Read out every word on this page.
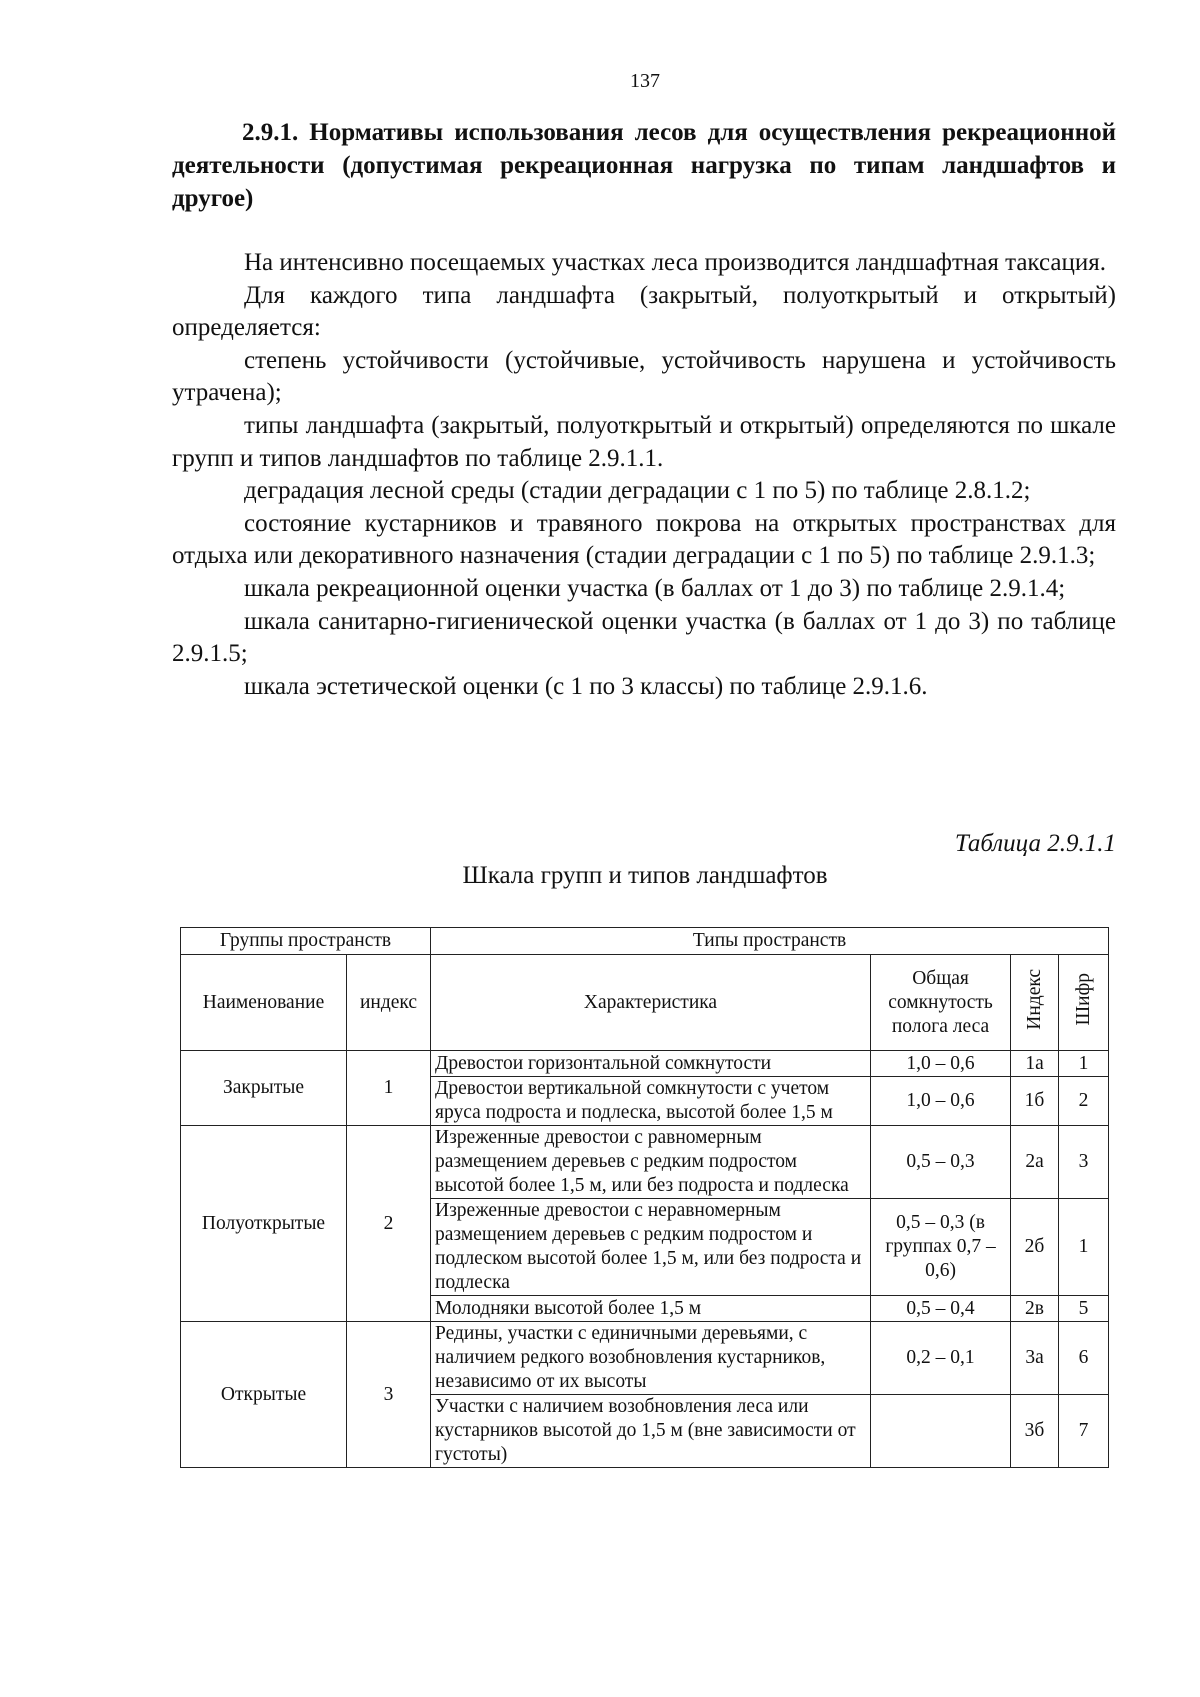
137
2.9.1. Нормативы использования лесов для осуществления рекреационной деятельности (допустимая рекреационная нагрузка по типам ландшафтов и другое)

На интенсивно посещаемых участках леса производится ландшафтная таксация.

Для каждого типа ландшафта (закрытый, полуоткрытый и открытый) определяется:

степень устойчивости (устойчивые, устойчивость нарушена и устойчивость утрачена);

типы ландшафта (закрытый, полуоткрытый и открытый) определяются по шкале групп и типов ландшафтов по таблице 2.9.1.1.

деградация лесной среды (стадии деградации с 1 по 5) по таблице 2.8.1.2;

состояние кустарников и травяного покрова на открытых пространствах для отдыха или декоративного назначения (стадии деградации с 1 по 5) по таблице 2.9.1.3;

шкала рекреационной оценки участка (в баллах от 1 до 3) по таблице 2.9.1.4;

шкала санитарно-гигиенической оценки участка (в баллах от 1 до 3) по таблице 2.9.1.5;

шкала эстетической оценки (с 1 по 3 классы) по таблице 2.9.1.6.

Таблица 2.9.1.1
Шкала групп и типов ландшафтов
Группы пространств		Типы пространств			
Наименование	индекс	Характеристика	Общая сомкнутость полога леса	Индекс	Шифр
Закрытые	1	Древостои горизонтальной сомкнутости	1,0 – 0,6	1а	1
		Древостои вертикальной сомкнутости с учетом яруса подроста и подлеска, высотой более 1,5 м	1,0 – 0,6	1б	2
Полуоткрытые	2	Изреженные древостои с равномерным размещением деревьев с редким подростом высотой более 1,5 м, или без подроста и подлеска	0,5 – 0,3	2а	3
		Изреженные древостои с неравномерным размещением деревьев с редким подростом и подлеском высотой более 1,5 м, или без подроста и подлеска	0,5 – 0,3 (в группах 0,7 – 0,6)	2б	1
		Молодняки высотой более 1,5 м	0,5 – 0,4	2в	5
Открытые	3	Редины, участки с единичными деревьями, с наличием редкого возобновления кустарников, независимо от их высоты	0,2 – 0,1	3а	6
		Участки с наличием возобновления леса или кустарников высотой до 1,5 м (вне зависимости от густоты)		3б	7
